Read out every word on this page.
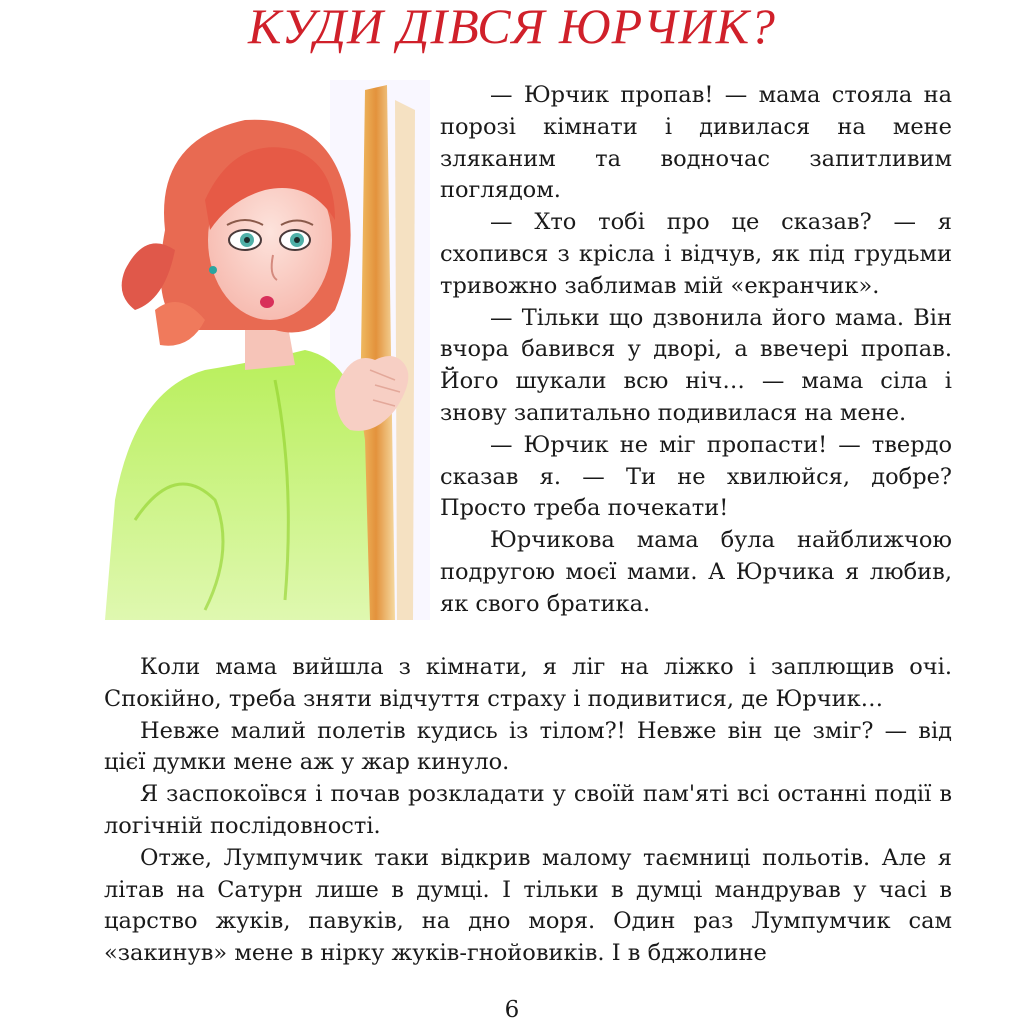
КУДИ ДІВСЯ ЮРЧИК?

— Юрчик пропав! — мама стояла на порозі кімнати і дивилася на мене зляканим та водночас запитливим поглядом.

— Хто тобі про це сказав? — я схопився з крісла і відчув, як під грудьми тривожно заблимав мій «екранчик».

— Тільки що дзвонила його мама. Він вчора бавився у дворі, а ввечері пропав. Його шукали всю ніч… — мама сіла і знову запитально подивилася на мене.

— Юрчик не міг пропасти! — твердо сказав я. — Ти не хвилюйся, добре? Просто треба почекати!

Юрчикова мама була найближчою подругою моєї мами. А Юрчика я любив, як свого братика.

Коли мама вийшла з кімнати, я ліг на ліжко і заплющив очі. Спокійно, треба зняти відчуття страху і подивитися, де Юрчик…

Невже малий полетів кудись із тілом?! Невже він це зміг? — від цієї думки мене аж у жар кинуло.

Я заспокоївся і почав розкладати у своїй пам'яті всі останні події в логічній послідовності.

Отже, Лумпумчик таки відкрив малому таємниці польотів. Але я літав на Сатурн лише в думці. І тільки в думці мандрував у часі в царство жуків, павуків, на дно моря. Один раз Лумпумчик сам «закинув» мене в нірку жуків-гнойовиків. І в бджолине

6
